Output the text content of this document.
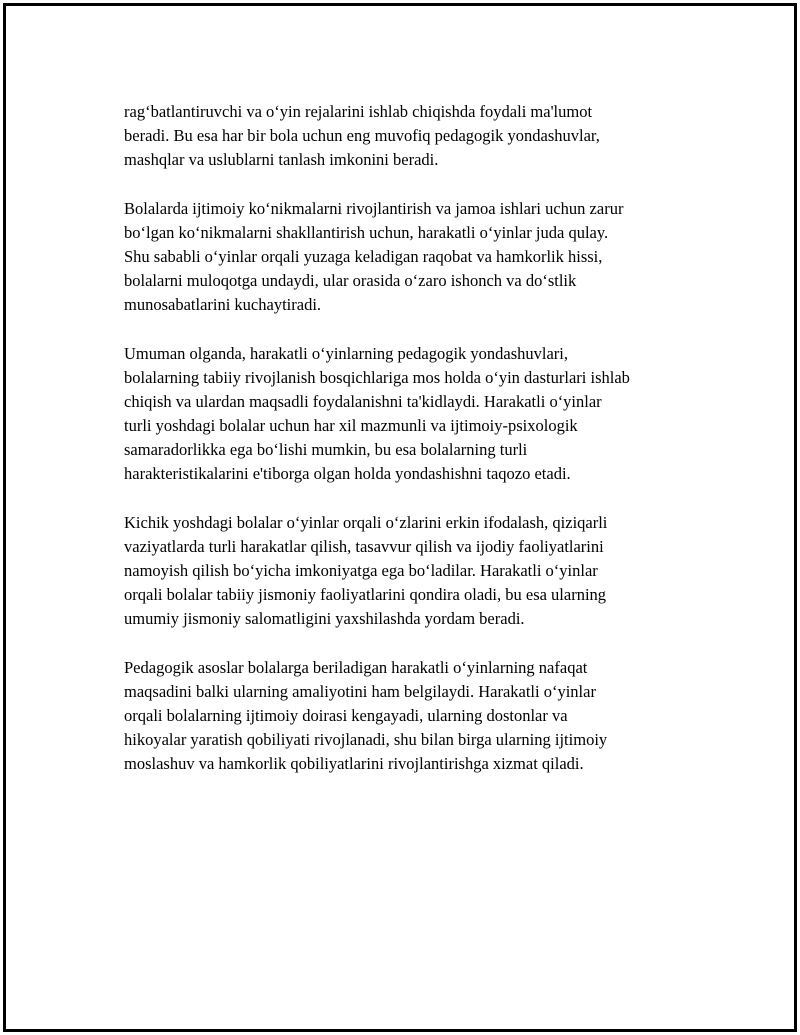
rag‘batlantiruvchi va o‘yin rejalarini ishlab chiqishda foydali ma'lumot
beradi. Bu esa har bir bola uchun eng muvofiq pedagogik yondashuvlar,
mashqlar va uslublarni tanlash imkonini beradi.

Bolalarda ijtimoiy ko‘nikmalarni rivojlantirish va jamoa ishlari uchun zarur
bo‘lgan ko‘nikmalarni shakllantirish uchun, harakatli o‘yinlar juda qulay.
Shu sababli o‘yinlar orqali yuzaga keladigan raqobat va hamkorlik hissi,
bolalarni muloqotga undaydi, ular orasida o‘zaro ishonch va do‘stlik
munosabatlarini kuchaytiradi.

Umuman olganda, harakatli o‘yinlarning pedagogik yondashuvlari,
bolalarning tabiiy rivojlanish bosqichlariga mos holda o‘yin dasturlari ishlab
chiqish va ulardan maqsadli foydalanishni ta'kidlaydi. Harakatli o‘yinlar
turli yoshdagi bolalar uchun har xil mazmunli va ijtimoiy-psixologik
samaradorlikka ega bo‘lishi mumkin, bu esa bolalarning turli
harakteristikalarini e'tiborga olgan holda yondashishni taqozo etadi.

Kichik yoshdagi bolalar o‘yinlar orqali o‘zlarini erkin ifodalash, qiziqarli
vaziyatlarda turli harakatlar qilish, tasavvur qilish va ijodiy faoliyatlarini
namoyish qilish bo‘yicha imkoniyatga ega bo‘ladilar. Harakatli o‘yinlar
orqali bolalar tabiiy jismoniy faoliyatlarini qondira oladi, bu esa ularning
umumiy jismoniy salomatligini yaxshilashda yordam beradi.

Pedagogik asoslar bolalarga beriladigan harakatli o‘yinlarning nafaqat
maqsadini balki ularning amaliyotini ham belgilaydi. Harakatli o‘yinlar
orqali bolalarning ijtimoiy doirasi kengayadi, ularning dostonlar va
hikoyalar yaratish qobiliyati rivojlanadi, shu bilan birga ularning ijtimoiy
moslashuv va hamkorlik qobiliyatlarini rivojlantirishga xizmat qiladi.
